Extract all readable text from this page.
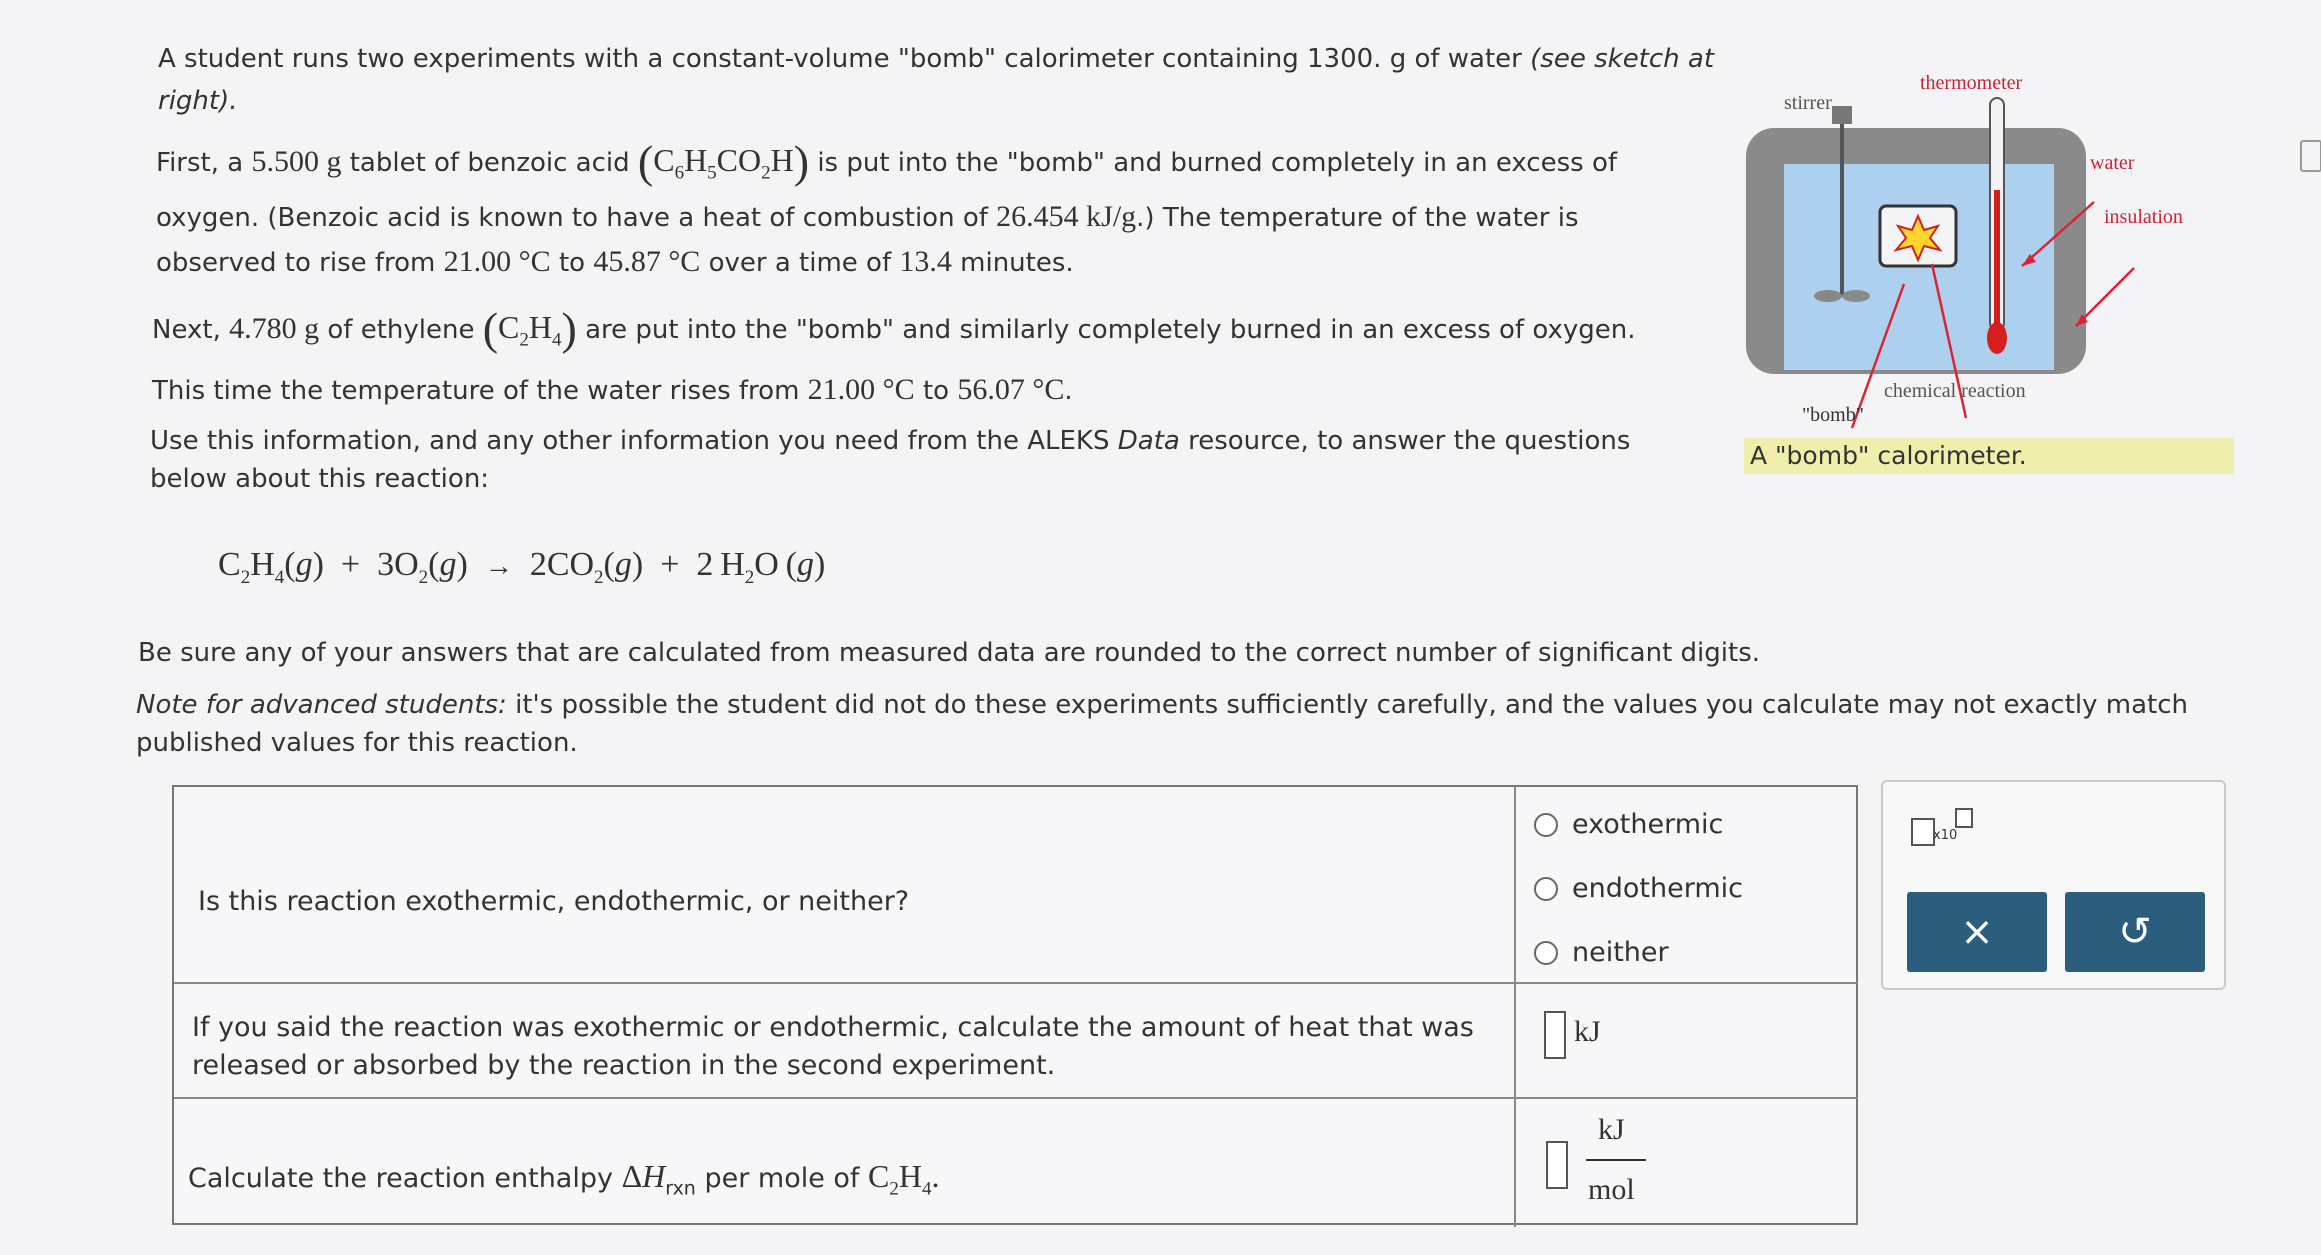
A student runs two experiments with a constant-volume "bomb" calorimeter containing 1300. g of water (see sketch at
right).
First, a 5.500 g tablet of benzoic acid $(C_6H_5CO_2H)$ is put into the "bomb" and burned completely in an excess of
oxygen. (Benzoic acid is known to have a heat of combustion of 26.454 kJ/g.) The temperature of the water is
observed to rise from 21.00 °C to 45.87 °C over a time of 13.4 minutes.
Next, 4.780 g of ethylene $(C_2H_4)$ are put into the "bomb" and similarly completely burned in an excess of oxygen.
This time the temperature of the water rises from 21.00 °C to 56.07 °C.
Use this information, and any other information you need from the ALEKS Data resource, to answer the questions
below about this reaction:
$C_2H_4(g) + 3O_2(g) \to 2CO_2(g) + 2$ $H_2O$ (g)
Be sure any of your answers that are calculated from measured data are rounded to the correct number of significant digits.
Note for advanced students: it's possible the student did not do these experiments sufficiently carefully, and the values you calculate may not exactly match
published values for this reaction.
stirrer
thermometer
water
insulation
chemical reaction
"bomb"
A "bomb" calorimeter.
Is this reaction exothermic, endothermic, or neither?
exothermic
endothermic
neither
If you said the reaction was exothermic or endothermic, calculate the amount of heat that was
released or absorbed by the reaction in the second experiment.
kJ
Calculate the reaction enthalpy $\Delta H_{rxn}$ per mole of $C_2H_4$.
kJ
mol
x10
×	↺
